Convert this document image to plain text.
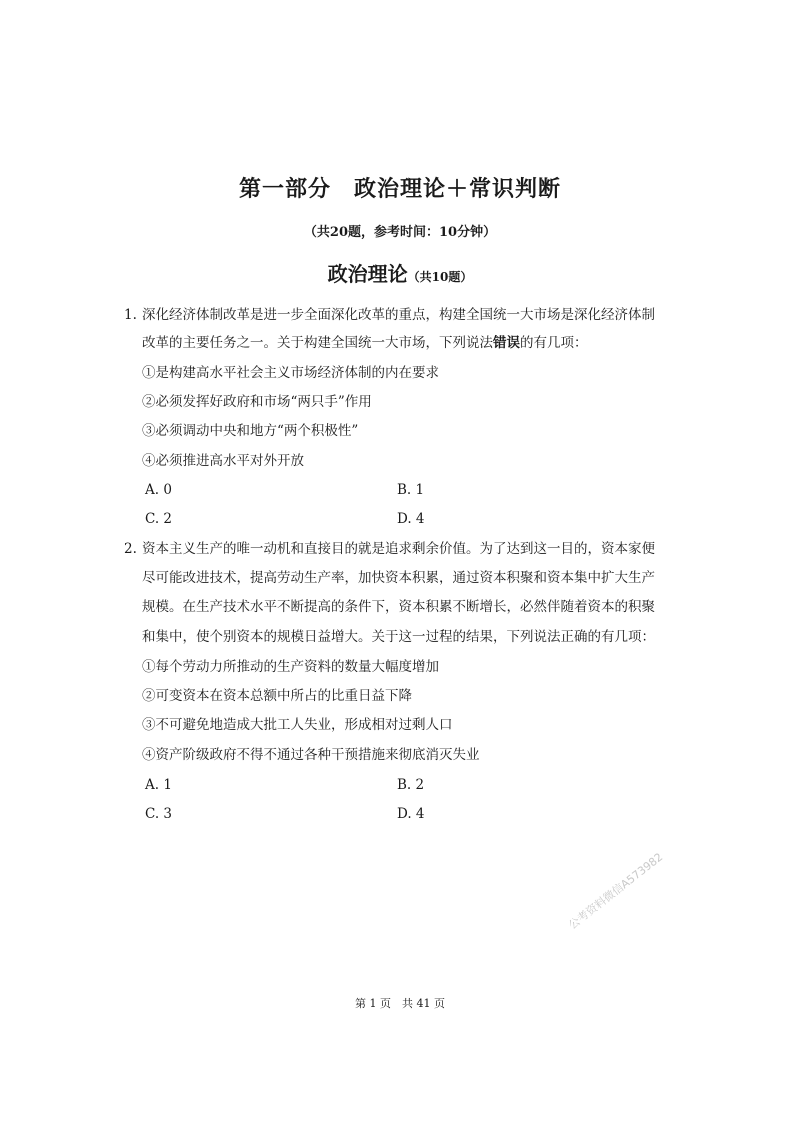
第一部分　政治理论＋常识判断
（共20题，参考时间：10分钟）
政治理论（共10题）
1. 深化经济体制改革是进一步全面深化改革的重点，构建全国统一大市场是深化经济体制
改革的主要任务之一。关于构建全国统一大市场，下列说法错误的有几项：
①是构建高水平社会主义市场经济体制的内在要求
②必须发挥好政府和市场“两只手”作用
③必须调动中央和地方“两个积极性”
④必须推进高水平对外开放
A. 0	B. 1
C. 2	D. 4
2. 资本主义生产的唯一动机和直接目的就是追求剩余价值。为了达到这一目的，资本家便
尽可能改进技术，提高劳动生产率，加快资本积累，通过资本积聚和资本集中扩大生产
规模。在生产技术水平不断提高的条件下，资本积累不断增长，必然伴随着资本的积聚
和集中，使个别资本的规模日益增大。关于这一过程的结果，下列说法正确的有几项：
①每个劳动力所推动的生产资料的数量大幅度增加
②可变资本在资本总额中所占的比重日益下降
③不可避免地造成大批工人失业，形成相对过剩人口
④资产阶级政府不得不通过各种干预措施来彻底消灭失业
A. 1	B. 2
C. 3	D. 4
公考资料微信A573982
第 1 页　共 41 页
